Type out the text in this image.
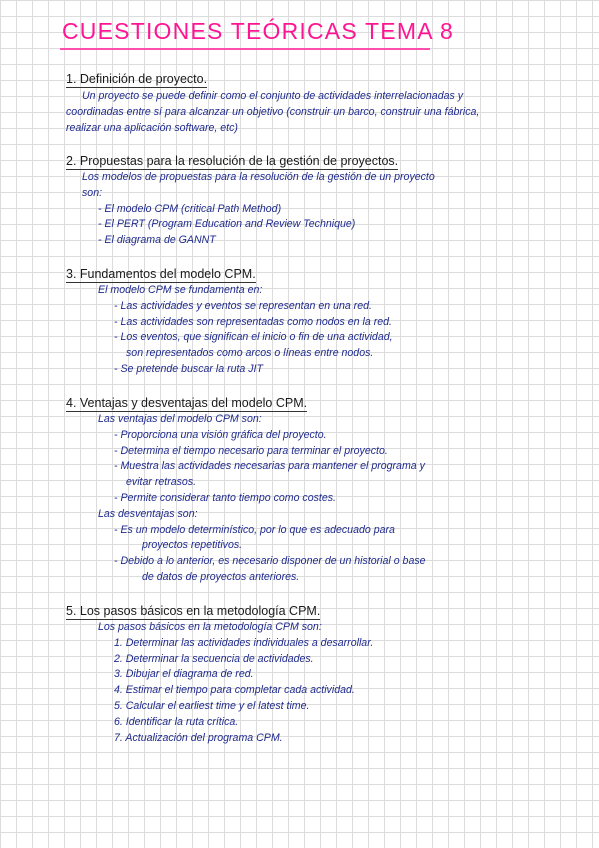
CUESTIONES TEÓRICAS TEMA 8
1. Definición de proyecto.
Un proyecto se puede definir como el conjunto de actividades interrelacionadas y
coordinadas entre sí para alcanzar un objetivo (construir un barco, construir una fábrica,
realizar una aplicación software, etc)
2. Propuestas para la resolución de la gestión de proyectos.
Los modelos de propuestas para la resolución de la gestión de un proyecto
son:
- El modelo CPM (critical Path Method)
- El PERT (Program Education and Review Technique)
- El diagrama de GANNT
3. Fundamentos del modelo CPM.
El modelo CPM se fundamenta en:
- Las actividades y eventos se representan en una red.
- Las actividades son representadas como nodos en la red.
- Los eventos, que significan el inicio o fin de una actividad,
son representados como arcos o líneas entre nodos.
- Se pretende buscar la ruta JIT
4. Ventajas y desventajas del modelo CPM.
Las ventajas del modelo CPM son:
- Proporciona una visión gráfica del proyecto.
- Determina el tiempo necesario para terminar el proyecto.
- Muestra las actividades necesarias para mantener el programa y
evitar retrasos.
- Permite considerar tanto tiempo como costes.
Las desventajas son:
- Es un modelo determinístico, por lo que es adecuado para
proyectos repetitivos.
- Debido a lo anterior, es necesario disponer de un historial o base
de datos de proyectos anteriores.
5. Los pasos básicos en la metodología CPM.
Los pasos básicos en la metodología CPM son:
1. Determinar las actividades individuales a desarrollar.
2. Determinar la secuencia de actividades.
3. Dibujar el diagrama de red.
4. Estimar el tiempo para completar cada actividad.
5. Calcular el earliest time y el latest time.
6. Identificar la ruta crítica.
7. Actualización del programa CPM.
